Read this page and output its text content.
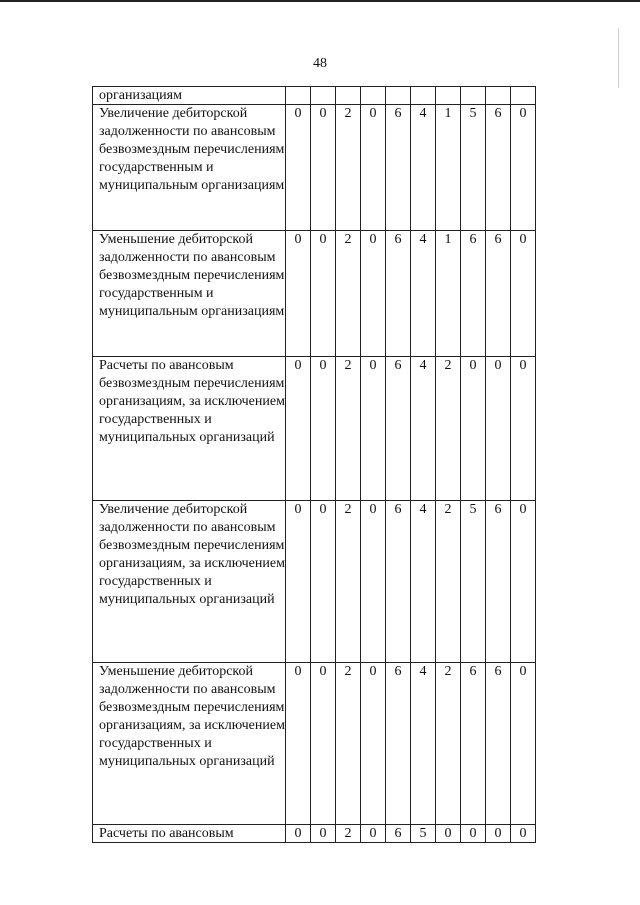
48
организациям										
Увеличение дебиторской задолженности по авансовым безвозмездным перечислениям государственным и муниципальным организациям	0	0	2	0	6	4	1	5	6	0
Уменьшение дебиторской задолженности по авансовым безвозмездным перечислениям государственным и муниципальным организациям	0	0	2	0	6	4	1	6	6	0
Расчеты по авансовым безвозмездным перечислениям организациям, за исключением государственных и муниципальных организаций	0	0	2	0	6	4	2	0	0	0
Увеличение дебиторской задолженности по авансовым безвозмездным перечислениям организациям, за исключением государственных и муниципальных организаций	0	0	2	0	6	4	2	5	6	0
Уменьшение дебиторской задолженности по авансовым безвозмездным перечислениям организациям, за исключением государственных и муниципальных организаций	0	0	2	0	6	4	2	6	6	0
Расчеты по авансовым	0	0	2	0	6	5	0	0	0	0
